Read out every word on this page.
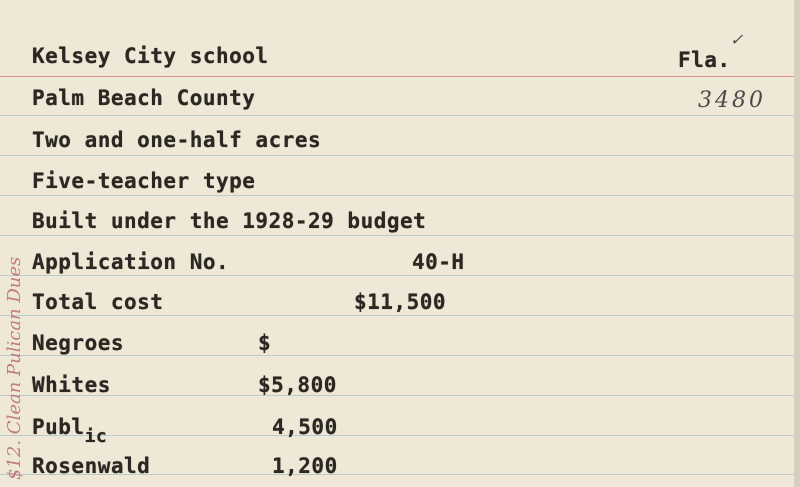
Kelsey City school
Palm Beach County
Two and one-half acres
Five-teacher type
Built under the 1928-29 budget
Application No.	40-H
Total cost	$11,500
Negroes	$
Whites	$5,800
Public	4,500
Rosenwald	1,200
Fla.
✓
3480
$12. Clean Pulican Dues
